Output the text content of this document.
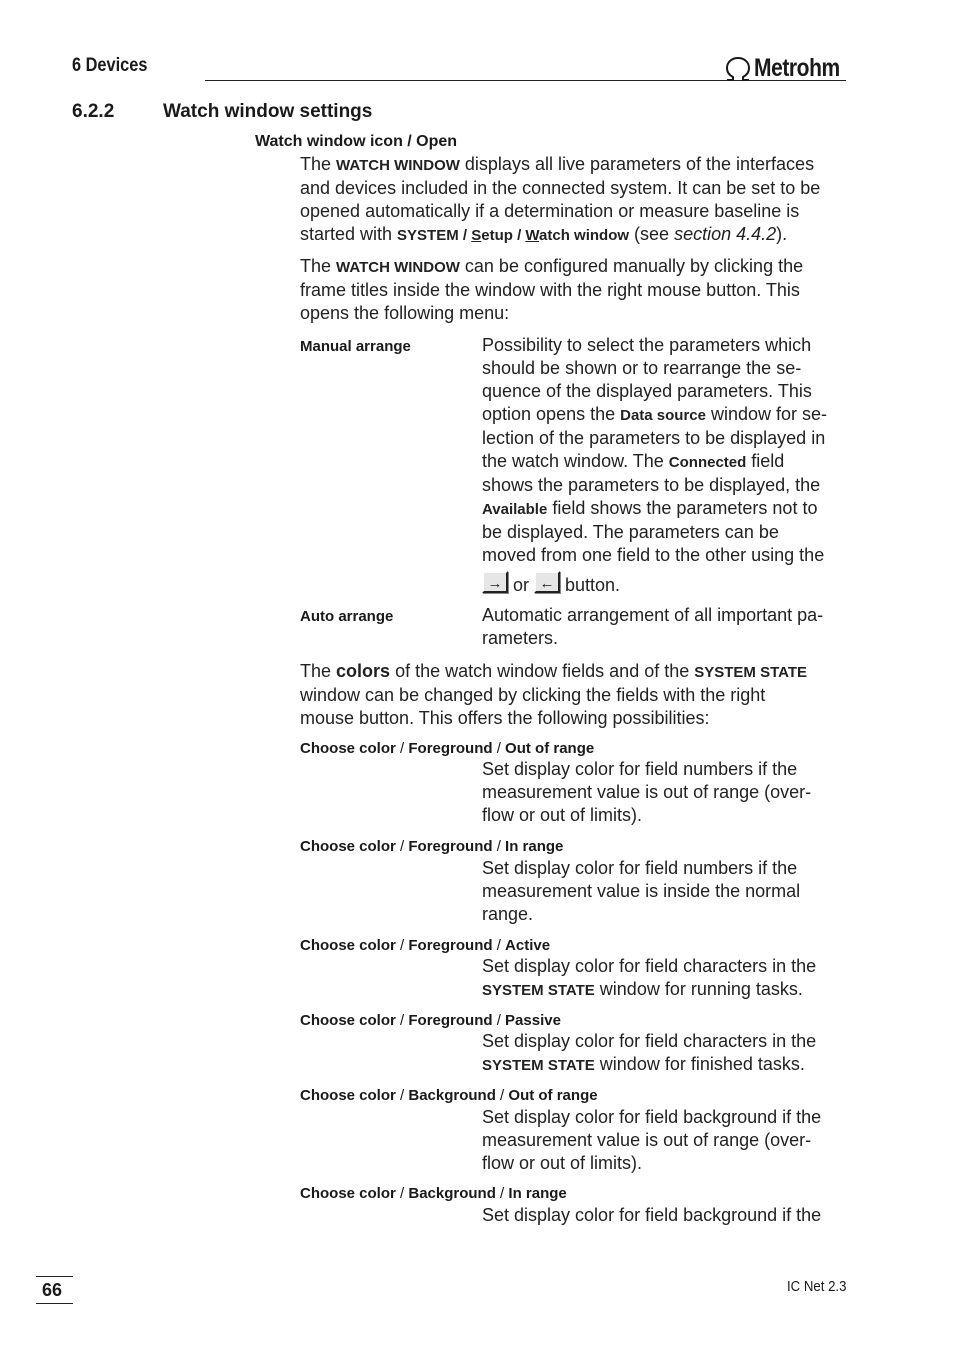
6 Devices	Metrohm
6.2.2	Watch window settings
Watch window icon / Open
The WATCH WINDOW displays all live parameters of the interfaces
and devices included in the connected system. It can be set to be
opened automatically if a determination or measure baseline is
started with SYSTEM / Setup / Watch window (see section 4.4.2).
The WATCH WINDOW can be configured manually by clicking the
frame titles inside the window with the right mouse button. This
opens the following menu:
Manual arrange	Possibility to select the parameters which
should be shown or to rearrange the se-
quence of the displayed parameters. This
option opens the Data source window for se-
lection of the parameters to be displayed in
the watch window. The Connected field
shows the parameters to be displayed, the
Available field shows the parameters not to
be displayed. The parameters can be
moved from one field to the other using the
→ or ← button.
Auto arrange	Automatic arrangement of all important pa-
rameters.
The colors of the watch window fields and of the SYSTEM STATE
window can be changed by clicking the fields with the right
mouse button. This offers the following possibilities:
Choose color / Foreground / Out of range
Set display color for field numbers if the
measurement value is out of range (over-
flow or out of limits).
Choose color / Foreground / In range
Set display color for field numbers if the
measurement value is inside the normal
range.
Choose color / Foreground / Active
Set display color for field characters in the
SYSTEM STATE window for running tasks.
Choose color / Foreground / Passive
Set display color for field characters in the
SYSTEM STATE window for finished tasks.
Choose color / Background / Out of range
Set display color for field background if the
measurement value is out of range (over-
flow or out of limits).
Choose color / Background / In range
Set display color for field background if the
66	IC Net 2.3
